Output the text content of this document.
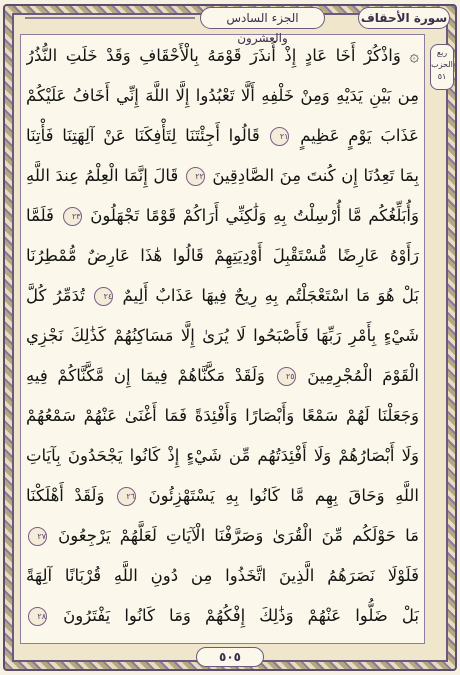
الجزء السادس والعشرون
سورة الأحقاف
ربع الحزب
٥١
۞ وَاذْكُرْ أَخَا عَادٍ إِذْ أَنذَرَ قَوْمَهُ بِالْأَحْقَافِ وَقَدْ خَلَتِ النُّذُرُ
مِن بَيْنِ يَدَيْهِ وَمِنْ خَلْفِهِ أَلَّا تَعْبُدُوا إِلَّا اللَّهَ إِنِّي أَخَافُ عَلَيْكُمْ
عَذَابَ يَوْمٍ عَظِيمٍ ٢١ قَالُوا أَجِئْتَنَا لِتَأْفِكَنَا عَنْ آلِهَتِنَا فَأْتِنَا
بِمَا تَعِدُنَا إِن كُنتَ مِنَ الصَّادِقِينَ ٢٢ قَالَ إِنَّمَا الْعِلْمُ عِندَ اللَّهِ
وَأُبَلِّغُكُم مَّا أُرْسِلْتُ بِهِ وَلَٰكِنِّي أَرَاكُمْ قَوْمًا تَجْهَلُونَ ٢٣ فَلَمَّا
رَأَوْهُ عَارِضًا مُّسْتَقْبِلَ أَوْدِيَتِهِمْ قَالُوا هَٰذَا عَارِضٌ مُّمْطِرُنَا
بَلْ هُوَ مَا اسْتَعْجَلْتُم بِهِ رِيحٌ فِيهَا عَذَابٌ أَلِيمٌ ٢٤ تُدَمِّرُ كُلَّ
شَيْءٍ بِأَمْرِ رَبِّهَا فَأَصْبَحُوا لَا يُرَىٰ إِلَّا مَسَاكِنُهُمْ كَذَٰلِكَ نَجْزِي
الْقَوْمَ الْمُجْرِمِينَ ٢٥ وَلَقَدْ مَكَّنَّاهُمْ فِيمَا إِن مَّكَّنَّاكُمْ فِيهِ
وَجَعَلْنَا لَهُمْ سَمْعًا وَأَبْصَارًا وَأَفْئِدَةً فَمَا أَغْنَىٰ عَنْهُمْ سَمْعُهُمْ
وَلَا أَبْصَارُهُمْ وَلَا أَفْئِدَتُهُم مِّن شَيْءٍ إِذْ كَانُوا يَجْحَدُونَ بِآيَاتِ
اللَّهِ وَحَاقَ بِهِم مَّا كَانُوا بِهِ يَسْتَهْزِئُونَ ٢٦ وَلَقَدْ أَهْلَكْنَا
مَا حَوْلَكُم مِّنَ الْقُرَىٰ وَصَرَّفْنَا الْآيَاتِ لَعَلَّهُمْ يَرْجِعُونَ ٢٧
فَلَوْلَا نَصَرَهُمُ الَّذِينَ اتَّخَذُوا مِن دُونِ اللَّهِ قُرْبَانًا آلِهَةً
بَلْ ضَلُّوا عَنْهُمْ وَذَٰلِكَ إِفْكُهُمْ وَمَا كَانُوا يَفْتَرُونَ ٢٨
٥٠٥
